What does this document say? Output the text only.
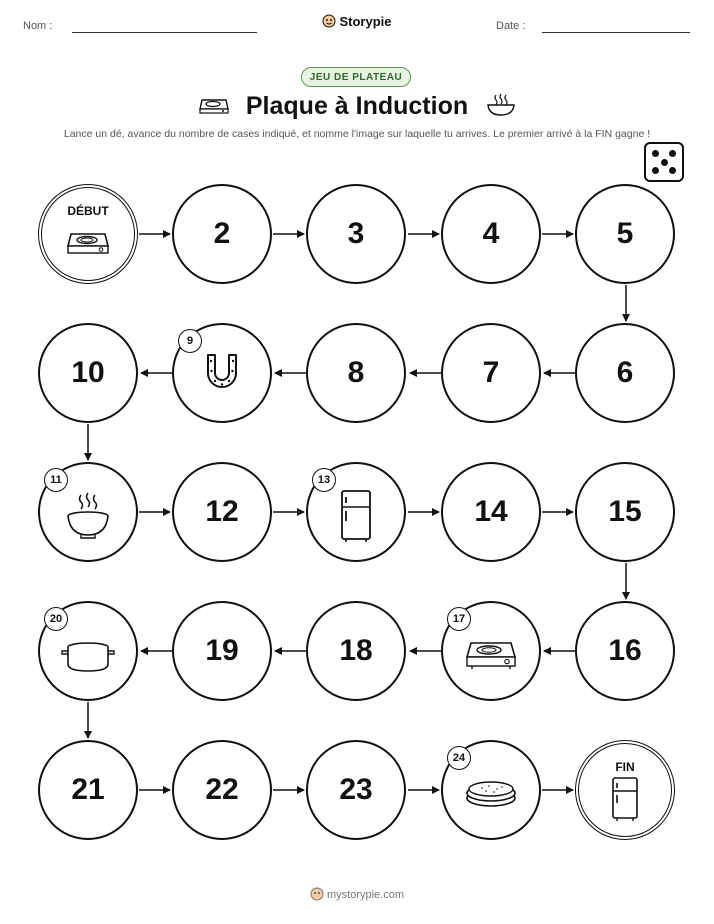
Nom :	Storypie	Date :
JEU DE PLATEAU
Plaque à Induction
Lance un dé, avance du nombre de cases indiqué, et nomme l'image sur laquelle tu arrives. Le premier arrivé à la FIN gagne !
DÉBUT
2	3	4	5
6
7
8
9
10
11
12
13
14	15
16
17
18
19
20
21	22	23
24
FIN
mystorypie.com
